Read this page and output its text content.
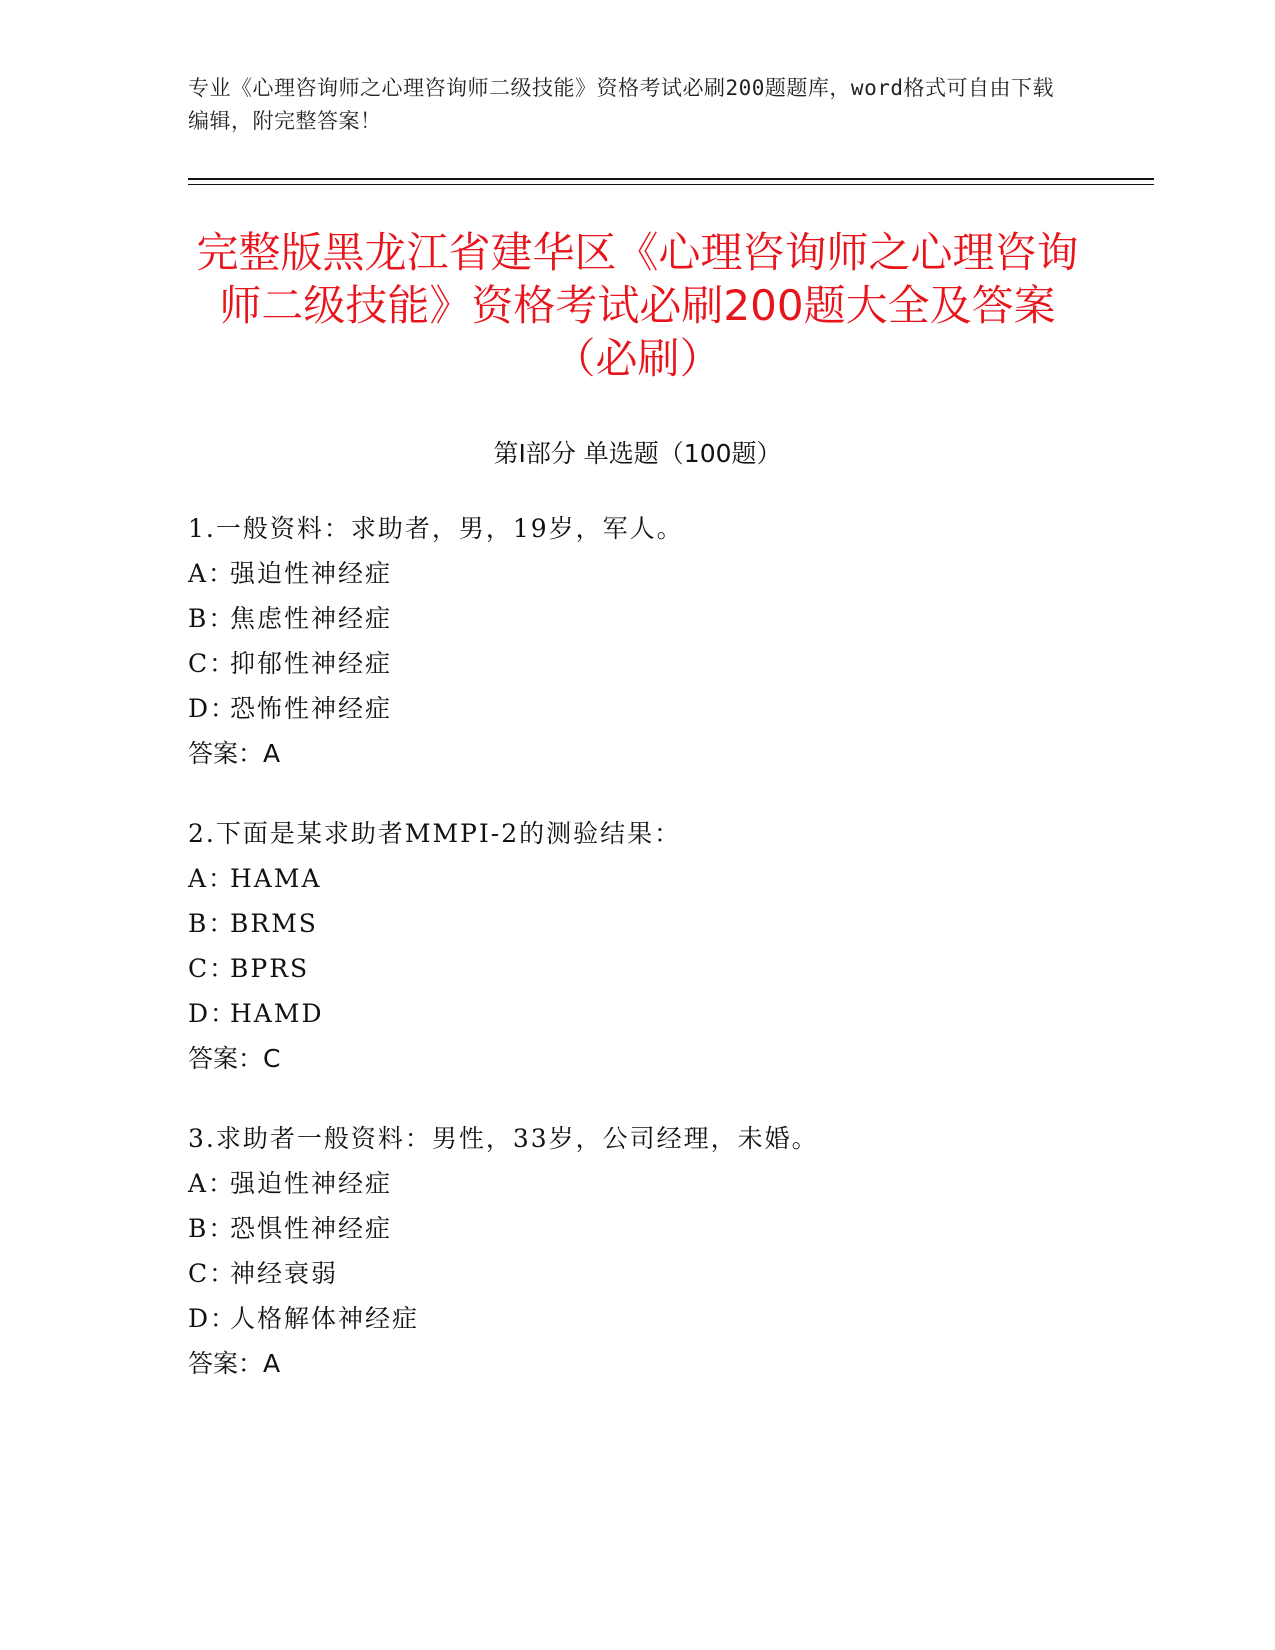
专业《心理咨询师之心理咨询师二级技能》资格考试必刷200题题库，word格式可自由下载编辑，附完整答案！
完整版黑龙江省建华区《心理咨询师之心理咨询师二级技能》资格考试必刷200题大全及答案（必刷）
第Ⅰ部分 单选题（100题）
1.一般资料：求助者，男，19岁，军人。
A：强迫性神经症
B：焦虑性神经症
C：抑郁性神经症
D：恐怖性神经症
答案：A
2.下面是某求助者MMPI-2的测验结果：
A：HAMA
B：BRMS
C：BPRS
D：HAMD
答案：C
3.求助者一般资料：男性，33岁，公司经理，未婚。
A：强迫性神经症
B：恐惧性神经症
C：神经衰弱
D：人格解体神经症
答案：A
